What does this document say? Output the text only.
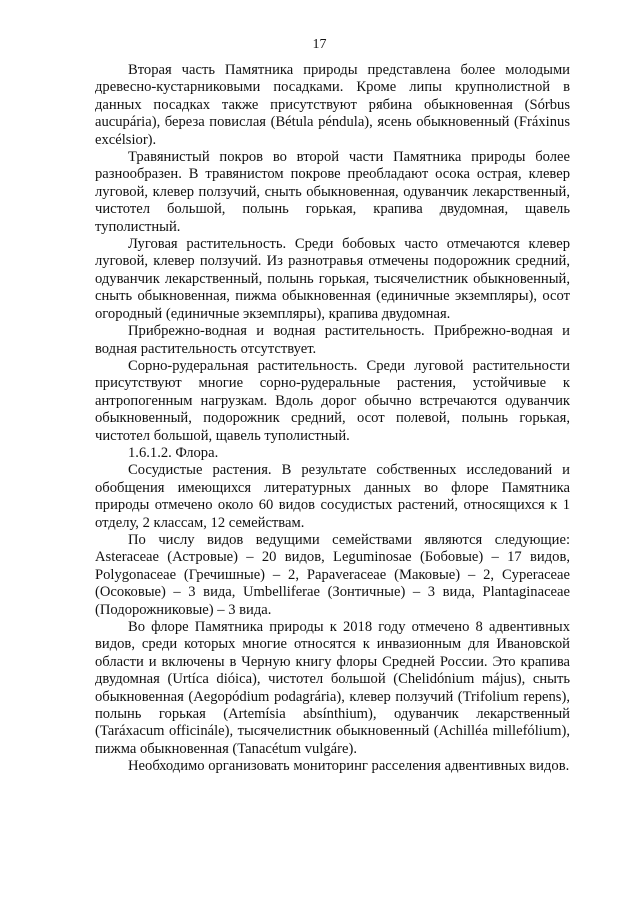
17

Вторая часть Памятника природы представлена более молодыми древесно-кустарниковыми посадками. Кроме липы крупнолистной в данных посадках также присутствуют рябина обыкновенная (Sórbus aucupária), береза повислая (Bétula péndula), ясень обыкновенный (Fráxinus excélsior).

Травянистый покров во второй части Памятника природы более разнообразен. В травянистом покрове преобладают осока острая, клевер луговой, клевер ползучий, сныть обыкновенная, одуванчик лекарственный, чистотел большой, полынь горькая, крапива двудомная, щавель туполистный.

Луговая растительность. Среди бобовых часто отмечаются клевер луговой, клевер ползучий. Из разнотравья отмечены подорожник средний, одуванчик лекарственный, полынь горькая, тысячелистник обыкновенный, сныть обыкновенная, пижма обыкновенная (единичные экземпляры), осот огородный (единичные экземпляры), крапива двудомная.

Прибрежно-водная и водная растительность. Прибрежно-водная и водная растительность отсутствует.

Сорно-рудеральная растительность. Среди луговой растительности присутствуют многие сорно-рудеральные растения, устойчивые к антропогенным нагрузкам. Вдоль дорог обычно встречаются одуванчик обыкновенный, подорожник средний, осот полевой, полынь горькая, чистотел большой, щавель туполистный.

1.6.1.2. Флора.

Сосудистые растения. В результате собственных исследований и обобщения имеющихся литературных данных во флоре Памятника природы отмечено около 60 видов сосудистых растений, относящихся к 1 отделу, 2 классам, 12 семействам.

По числу видов ведущими семействами являются следующие: Asteraceae (Астровые) – 20 видов, Leguminosae (Бобовые) – 17 видов, Polygonaceae (Гречишные) – 2, Papaveraceae (Маковые) – 2, Cyperaceae (Осоковые) – 3 вида, Umbelliferae (Зонтичные) – 3 вида, Plantaginaceae (Подорожниковые) – 3 вида.

Во флоре Памятника природы к 2018 году отмечено 8 адвентивных видов, среди которых многие относятся к инвазионным для Ивановской области и включены в Черную книгу флоры Средней России. Это крапива двудомная (Urtíca dióica), чистотел большой (Chelidónium május), сныть обыкновенная (Aegopódium podagrária), клевер ползучий (Trifolium repens), полынь горькая (Artemísia absínthium), одуванчик лекарственный (Taráxacum officinále), тысячелистник обыкновенный (Achilléa millefólium), пижма обыкновенная (Tanacétum vulgáre).

Необходимо организовать мониторинг расселения адвентивных видов.
